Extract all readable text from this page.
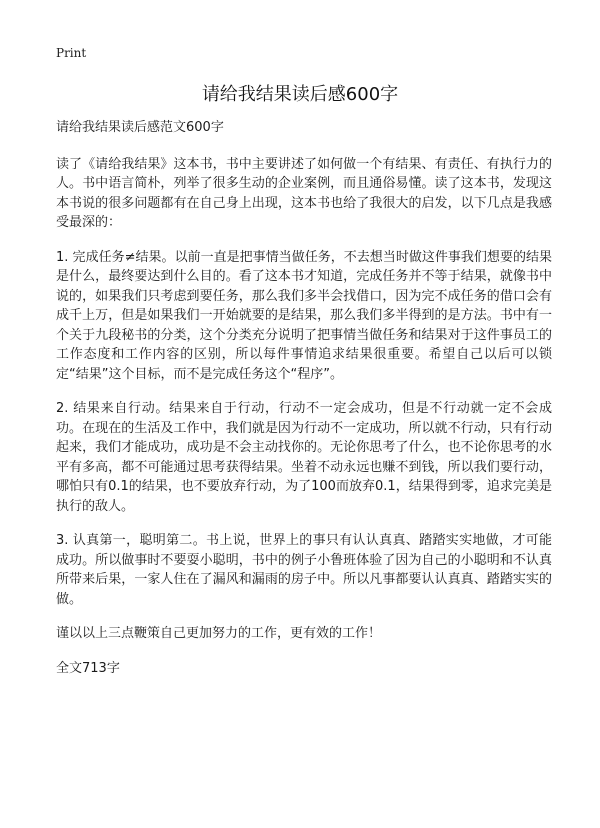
Print
请给我结果读后感600字

请给我结果读后感范文600字

读了《请给我结果》这本书，书中主要讲述了如何做一个有结果、有责任、有执行力的人。书中语言简朴，列举了很多生动的企业案例，而且通俗易懂。读了这本书，发现这本书说的很多问题都有在自己身上出现，这本书也给了我很大的启发，以下几点是我感受最深的：

1. 完成任务≠结果。以前一直是把事情当做任务，不去想当时做这件事我们想要的结果是什么，最终要达到什么目的。看了这本书才知道，完成任务并不等于结果，就像书中说的，如果我们只考虑到要任务，那么我们多半会找借口，因为完不成任务的借口会有成千上万，但是如果我们一开始就要的是结果，那么我们多半得到的是方法。书中有一个关于九段秘书的分类，这个分类充分说明了把事情当做任务和结果对于这件事员工的工作态度和工作内容的区别，所以每件事情追求结果很重要。希望自己以后可以锁定“结果”这个目标，而不是完成任务这个“程序”。

2. 结果来自行动。结果来自于行动，行动不一定会成功，但是不行动就一定不会成功。在现在的生活及工作中，我们就是因为行动不一定成功，所以就不行动，只有行动起来，我们才能成功，成功是不会主动找你的。无论你思考了什么，也不论你思考的水平有多高，都不可能通过思考获得结果。坐着不动永远也赚不到钱，所以我们要行动，哪怕只有0.1的结果，也不要放弃行动，为了100而放弃0.1，结果得到零，追求完美是执行的敌人。

3. 认真第一，聪明第二。书上说，世界上的事只有认认真真、踏踏实实地做，才可能成功。所以做事时不要耍小聪明，书中的例子小鲁班体验了因为自己的小聪明和不认真所带来后果，一家人住在了漏风和漏雨的房子中。所以凡事都要认认真真、踏踏实实的做。

谨以以上三点鞭策自己更加努力的工作，更有效的工作！

全文713字
